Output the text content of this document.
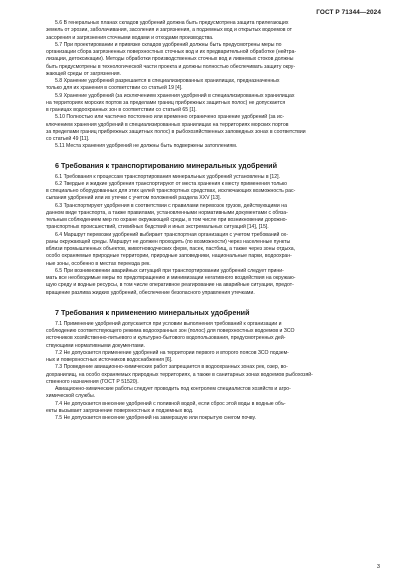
ГОСТ Р 71344—2024

5.6 В генеральных планах складов удобрений должна быть предусмотрена защита прилегающих
земель от эрозии, заболачивания, засоления и загрязнения, а подземных вод и открытых водоемов от
засорения и загрязнения сточными водами и отходами производства.

5.7 При проектировании и привязке складов удобрений должны быть предусмотрены меры по
организации сбора загрязненных поверхностных сточных вод и их предварительной обработке (нейтра-
лизации, детоксикации). Методы обработки производственных сточных вод и ливневых стоков должны
быть предусмотрены в технологической части проекта и должны полностью обеспечивать защиту окру-
жающей среды от загрязнения.

5.8 Хранение удобрений разрешается в специализированных хранилищах, предназначенных
только для их хранения в соответствии со статьей 19 [4].

5.9 Хранение удобрений (за исключением хранения удобрений в специализированных хранилищах
на территориях морских портов за пределами границ прибрежных защитных полос) не допускается
в границах водоохранных зон в соответствии со статьей 65 [1].

5.10 Полностью или частично постоянно или временно ограничено хранение удобрений (за ис-
ключением хранения удобрений в специализированных хранилищах на территориях морских портов
за пределами границ прибрежных защитных полос) в рыбохозяйственных заповедных зонах в соответствии
со статьей 49 [11].

5.11 Места хранения удобрений не должны быть подвержены затоплениям.

6 Требования к транспортированию минеральных удобрений

6.1 Требования к процессам транспортирования минеральных удобрений установлены в [12].

6.2 Твердые и жидкие удобрения транспортируют от места хранения к месту применения только
в специально оборудованных для этих целей транспортных средствах, исключающих возможность рас-
сыпания удобрений или их утечки с учетом положений раздела XXV [13].

6.3 Транспортируют удобрения в соответствии с правилами перевозок грузов, действующими на
данном виде транспорта, а также правилами, установленными нормативными документами с обяза-
тельным соблюдением мер по охране окружающей среды, в том числе при возникновении дорожно-
транспортных происшествий, стихийных бедствий и иных экстремальных ситуаций [14], [15].

6.4 Маршрут перевозки удобрений выбирает транспортная организация с учетом требований ох-
раны окружающей среды. Маршрут не должен проходить (по возможности) через населенные пункты
вблизи промышленных объектов, животноводческих ферм, пасек, пастбищ, а также через зоны отдыха,
особо охраняемые природные территории, природные заповедники, национальные парки, водоохран-
ные зоны, особенно в местах переезда рек.

6.5 При возникновении аварийных ситуаций при транспортировании удобрений следует прини-
мать все необходимые меры по предотвращению и минимизации негативного воздействия на окружаю-
щую среду и водные ресурсы, в том числе оперативное реагирование на аварийные ситуации, предот-
вращение разлива жидких удобрений, обеспечение безопасного управления утечками.

7 Требования к применению минеральных удобрений

7.1 Применение удобрений допускается при условии выполнения требований к организации и
соблюдению соответствующего режима водоохранных зон (полос) для поверхностных водоемов и ЗСО
источников хозяйственно-питьевого и культурно-бытового водопользования, предусмотренных дей-
ствующими нормативными документами.

7.2 Не допускается применение удобрений на территории первого и второго поясов ЗСО подзем-
ных и поверхностных источников водоснабжения [6].

7.3 Проведение авиационно-химических работ запрещается в водоохранных зонах рек, озер, во-
дохранилищ, на особо охраняемых природных территориях, а также в санитарных зонах водоемов рыбохозяй-
ственного назначения (ГОСТ Р 51520).

Авиационно-химические работы следует проводить под контролем специалистов хозяйств и агро-
химической службы.

7.4 Не допускается внесение удобрений с поливной водой, если сброс этой воды в водные объ-
екты вызывает загрязнение поверхностных и подземных вод.

7.5 Не допускается внесение удобрений на замерзшую или покрытую снегом почву.

3
